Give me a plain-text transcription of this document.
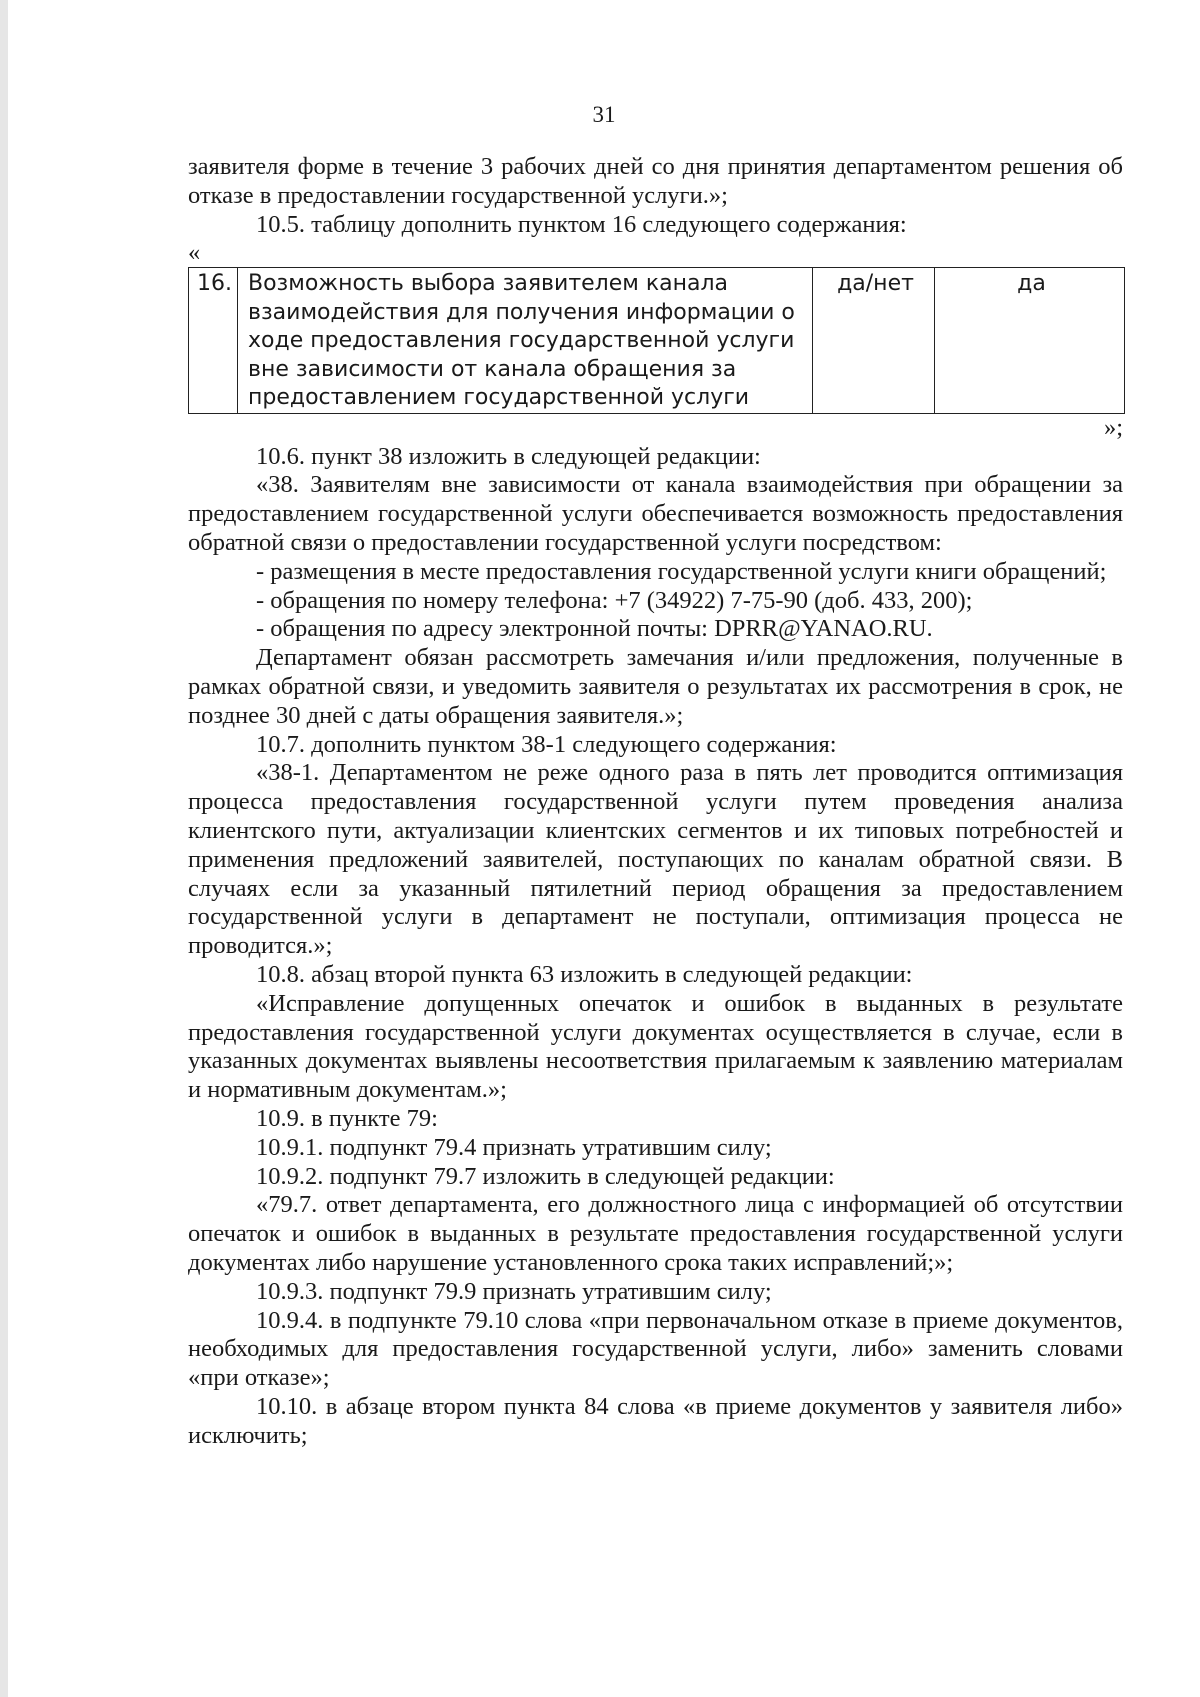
31

заявителя форме в течение 3 рабочих дней со дня принятия департаментом решения об отказе в предоставлении государственной услуги.»;

10.5. таблицу дополнить пунктом 16 следующего содержания:

«

16.	Возможность выбора заявителем канала взаимодействия для получения информации о ходе предоставления государственной услуги вне зависимости от канала обращения за предоставлением государственной услуги	да/нет	да

»;

10.6. пункт 38 изложить в следующей редакции:

«38. Заявителям вне зависимости от канала взаимодействия при обращении за предоставлением государственной услуги обеспечивается возможность предоставления обратной связи о предоставлении государственной услуги посредством:

- размещения в месте предоставления государственной услуги книги обращений;

- обращения по номеру телефона: +7 (34922) 7-75-90 (доб. 433, 200);

- обращения по адресу электронной почты: DPRR@YANAO.RU.

Департамент обязан рассмотреть замечания и/или предложения, полученные в рамках обратной связи, и уведомить заявителя о результатах их рассмотрения в срок, не позднее 30 дней с даты обращения заявителя.»;

10.7. дополнить пунктом 38-1 следующего содержания:

«38-1. Департаментом не реже одного раза в пять лет проводится оптимизация процесса предоставления государственной услуги путем проведения анализа клиентского пути, актуализации клиентских сегментов и их типовых потребностей и применения предложений заявителей, поступающих по каналам обратной связи. В случаях если за указанный пятилетний период обращения за предоставлением государственной услуги в департамент не поступали, оптимизация процесса не проводится.»;

10.8. абзац второй пункта 63 изложить в следующей редакции:

«Исправление допущенных опечаток и ошибок в выданных в результате предоставления государственной услуги документах осуществляется в случае, если в указанных документах выявлены несоответствия прилагаемым к заявлению материалам и нормативным документам.»;

10.9. в пункте 79:

10.9.1. подпункт 79.4 признать утратившим силу;

10.9.2. подпункт 79.7 изложить в следующей редакции:

«79.7. ответ департамента, его должностного лица с информацией об отсутствии опечаток и ошибок в выданных в результате предоставления государственной услуги документах либо нарушение установленного срока таких исправлений;»;

10.9.3. подпункт 79.9 признать утратившим силу;

10.9.4. в подпункте 79.10 слова «при первоначальном отказе в приеме документов, необходимых для предоставления государственной услуги, либо» заменить словами «при отказе»;

10.10. в абзаце втором пункта 84 слова «в приеме документов у заявителя либо» исключить;
